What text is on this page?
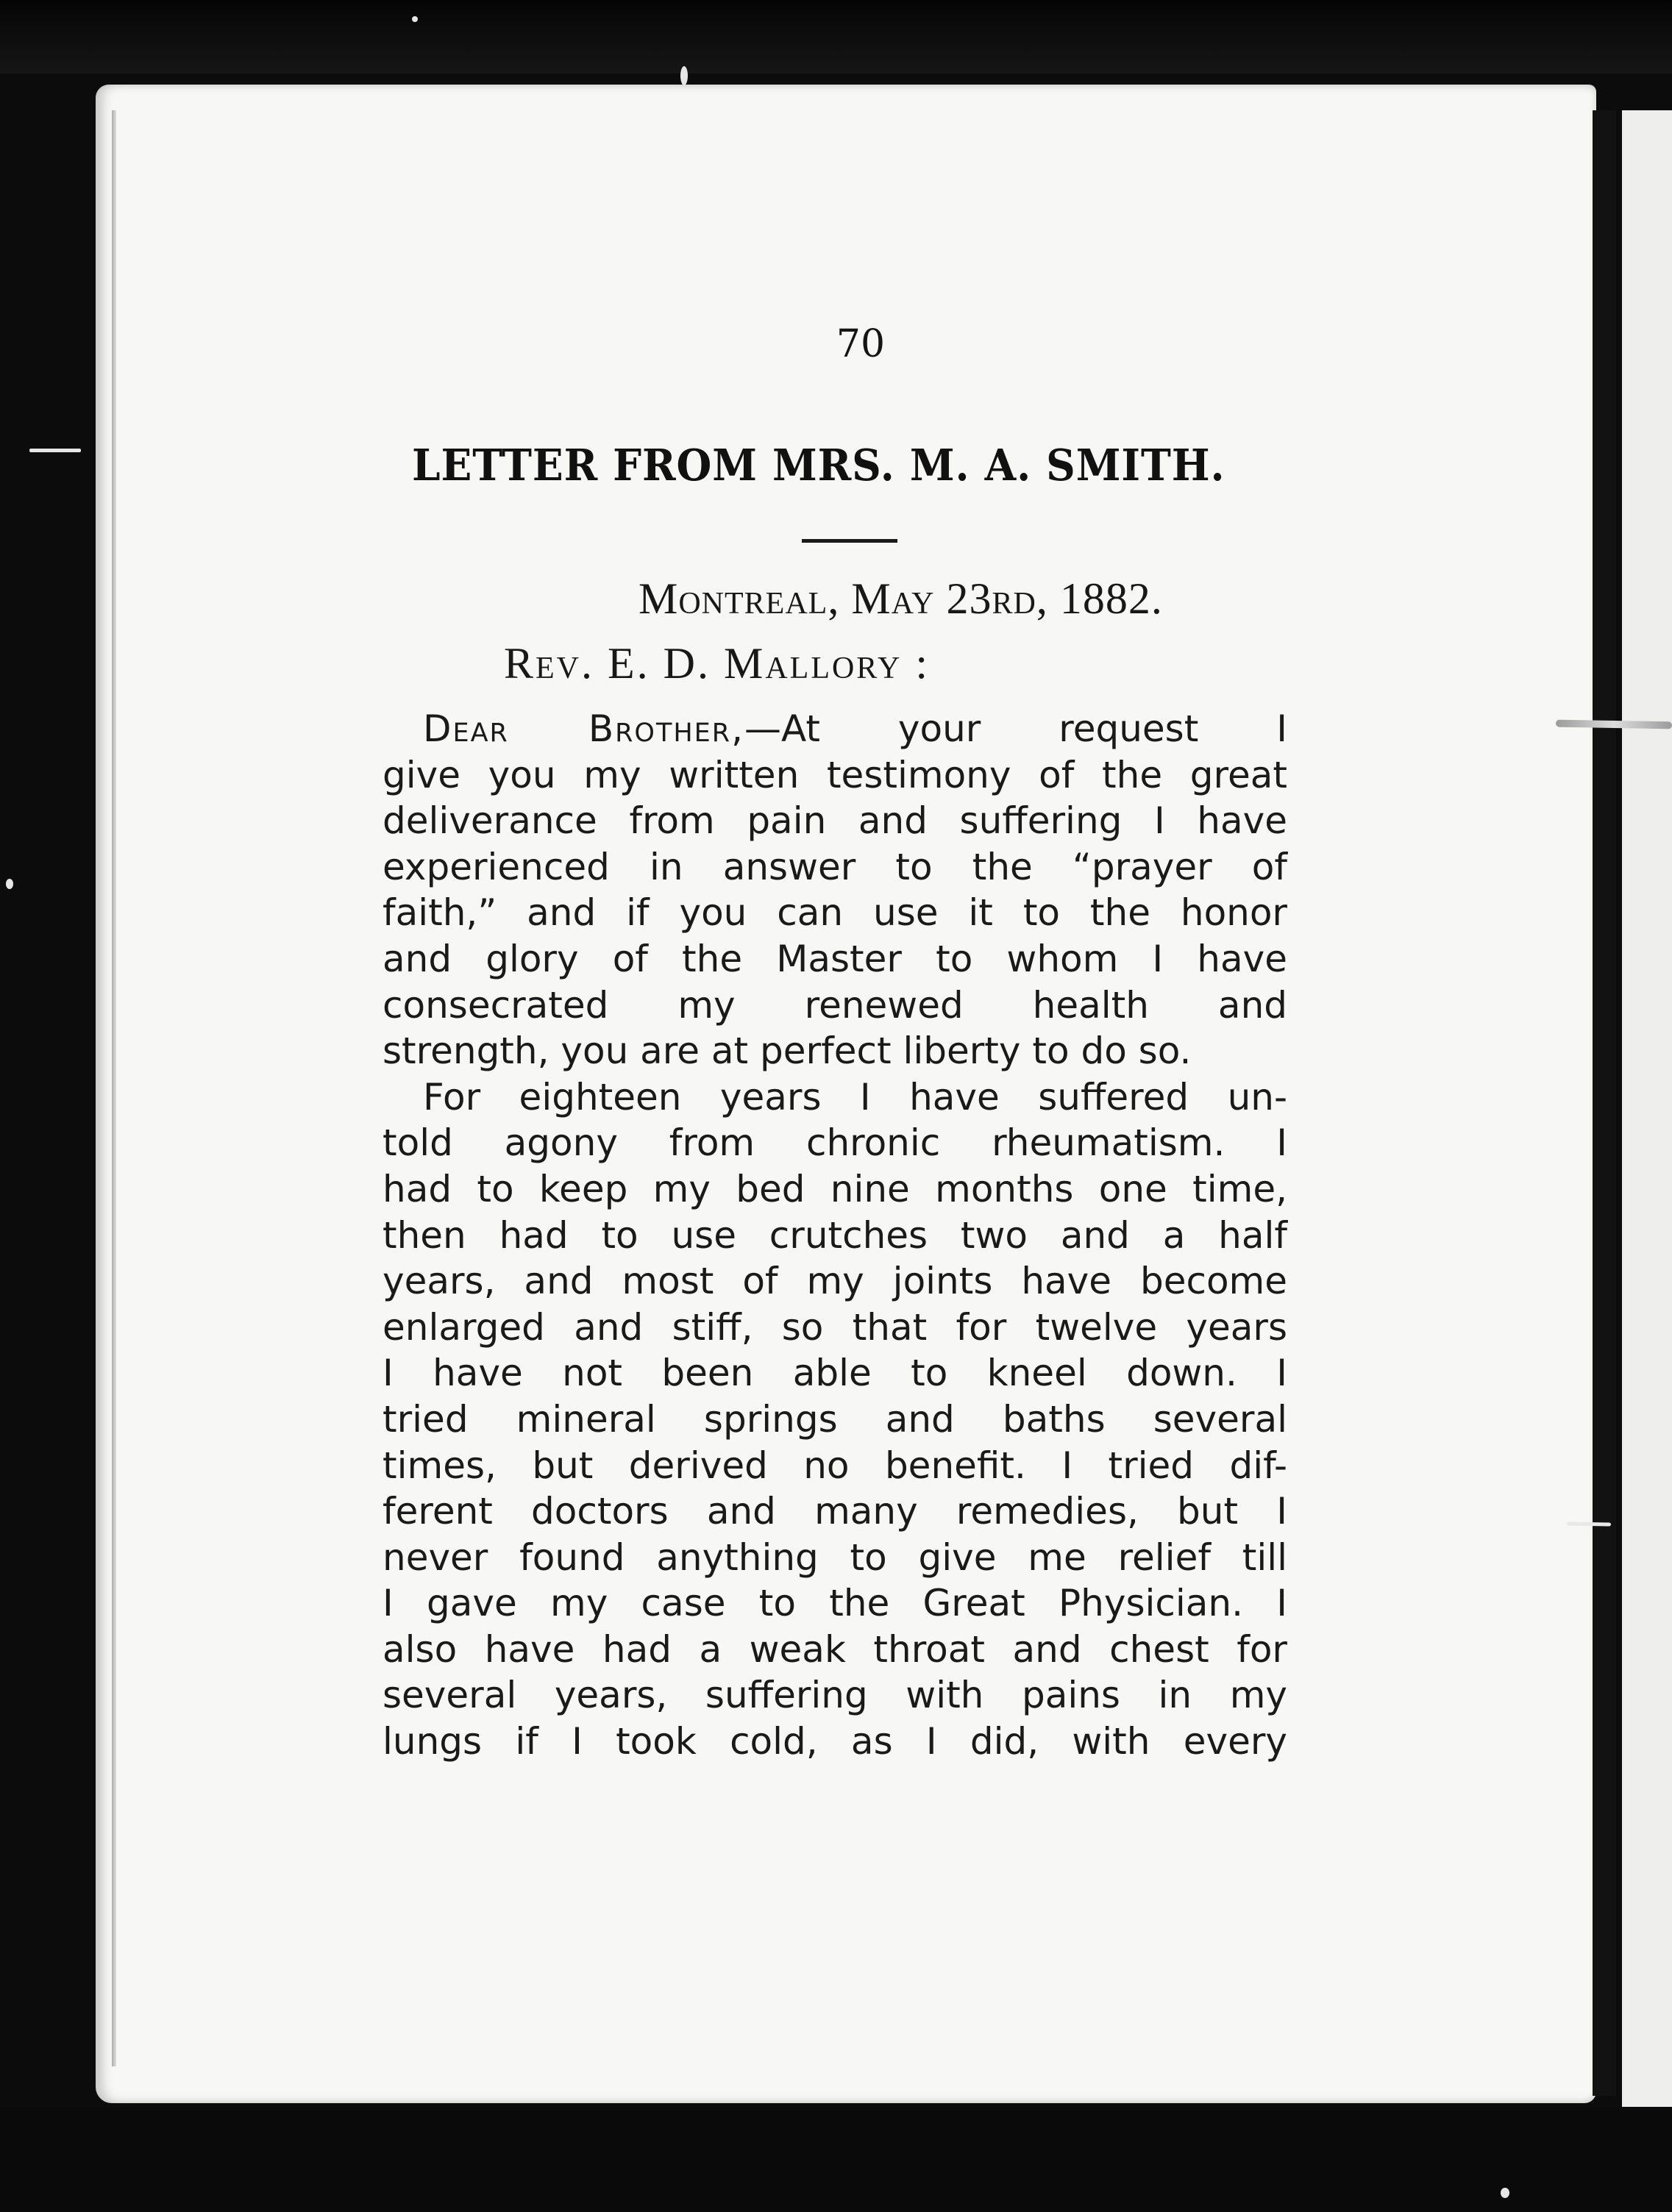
70
LETTER FROM MRS. M. A. SMITH.
Montreal, May 23rd, 1882.
Rev. E. D. Mallory :
Dear Brother,—At your request I
give you my written testimony of the great
deliverance from pain and suffering I have
experienced in answer to the “prayer of
faith,” and if you can use it to the honor
and glory of the Master to whom I have
consecrated my renewed health and
strength, you are at perfect liberty to do so.
For eighteen years I have suffered un-
told agony from chronic rheumatism. I
had to keep my bed nine months one time,
then had to use crutches two and a half
years, and most of my joints have become
enlarged and stiff, so that for twelve years
I have not been able to kneel down. I
tried mineral springs and baths several
times, but derived no benefit. I tried dif-
ferent doctors and many remedies, but I
never found anything to give me relief till
I gave my case to the Great Physician. I
also have had a weak throat and chest for
several years, suffering with pains in my
lungs if I took cold, as I did, with every
